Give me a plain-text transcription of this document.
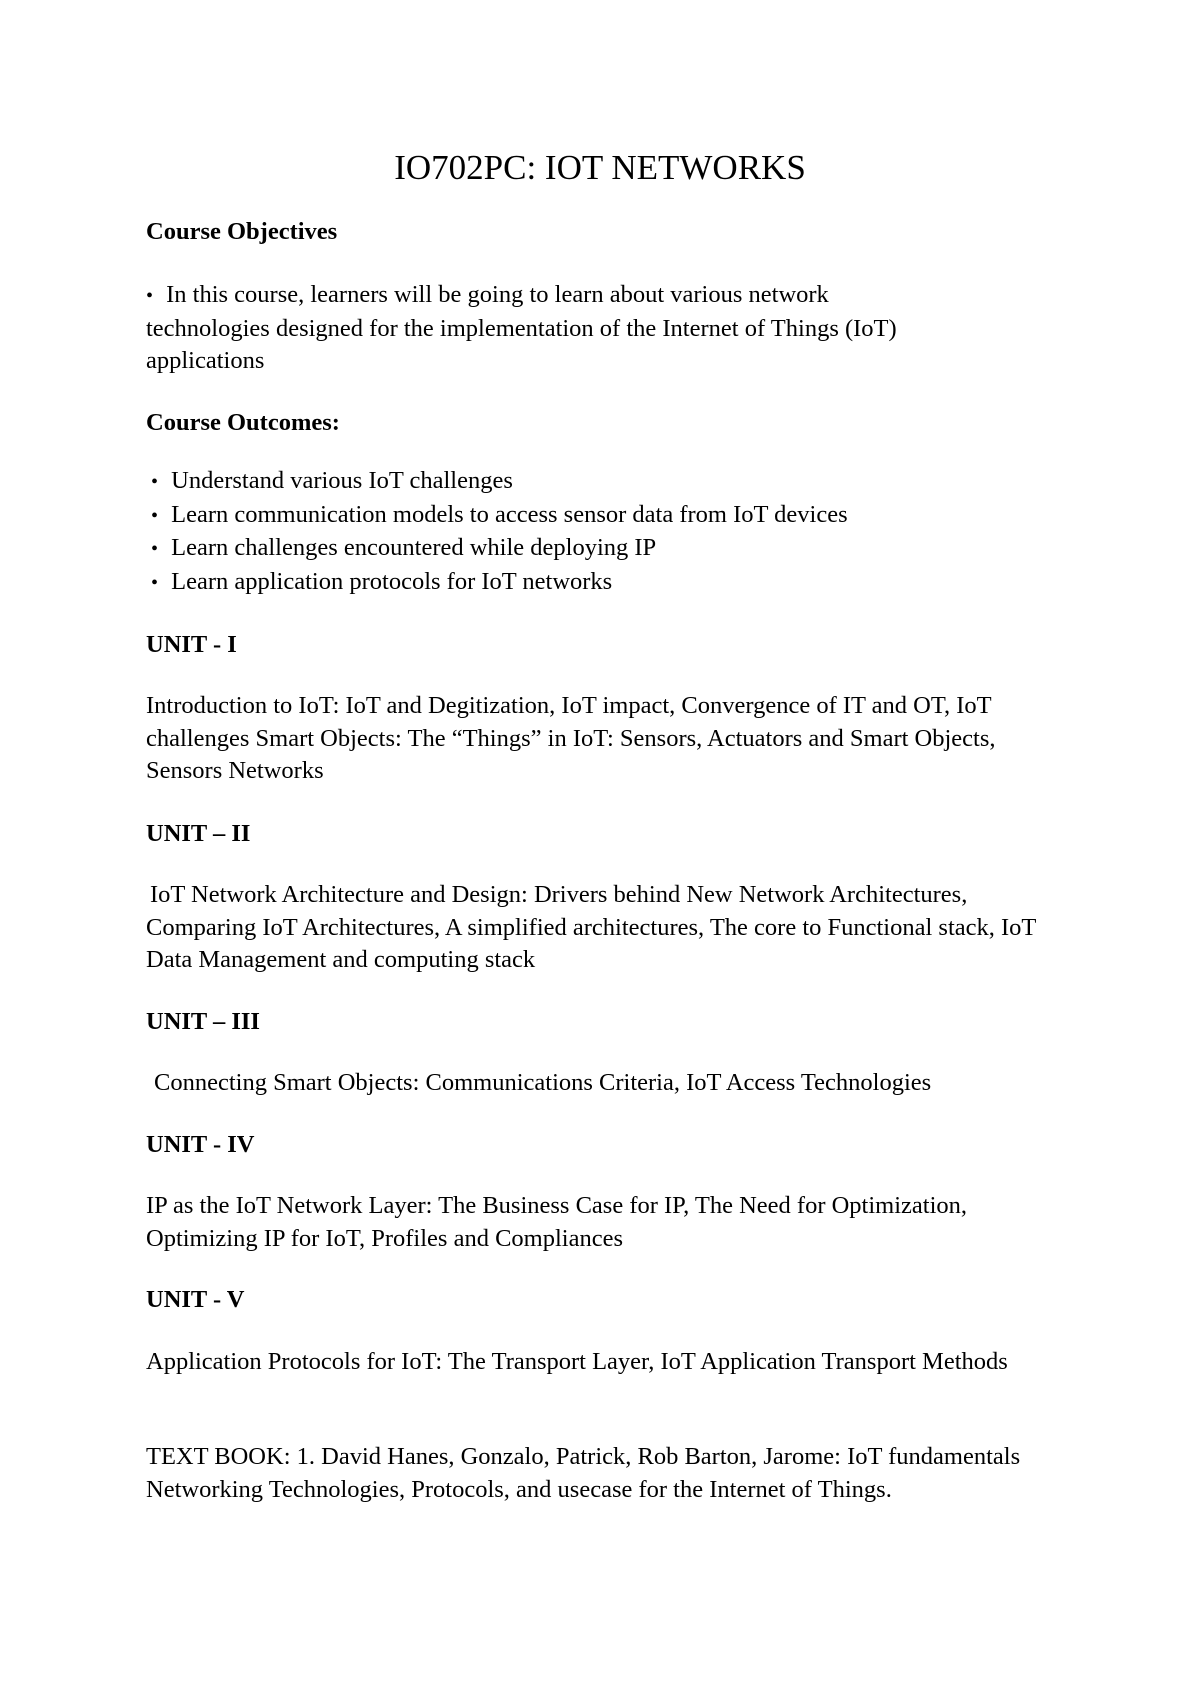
IO702PC: IOT NETWORKS
Course Objectives
• In this course, learners will be going to learn about various network technologies designed for the implementation of the Internet of Things (IoT) applications
Course Outcomes:
• Understand various IoT challenges
• Learn communication models to access sensor data from IoT devices
• Learn challenges encountered while deploying IP
• Learn application protocols for IoT networks
UNIT - I
Introduction to IoT: IoT and Degitization, IoT impact, Convergence of IT and OT, IoT challenges Smart Objects: The “Things” in IoT: Sensors, Actuators and Smart Objects, Sensors Networks
UNIT – II
IoT Network Architecture and Design: Drivers behind New Network Architectures, Comparing IoT Architectures, A simplified architectures, The core to Functional stack, IoT Data Management and computing stack
UNIT – III
Connecting Smart Objects: Communications Criteria, IoT Access Technologies
UNIT - IV
IP as the IoT Network Layer: The Business Case for IP, The Need for Optimization, Optimizing IP for IoT, Profiles and Compliances
UNIT - V
Application Protocols for IoT: The Transport Layer, IoT Application Transport Methods
TEXT BOOK: 1. David Hanes, Gonzalo, Patrick, Rob Barton, Jarome: IoT fundamentals Networking Technologies, Protocols, and usecase for the Internet of Things.
